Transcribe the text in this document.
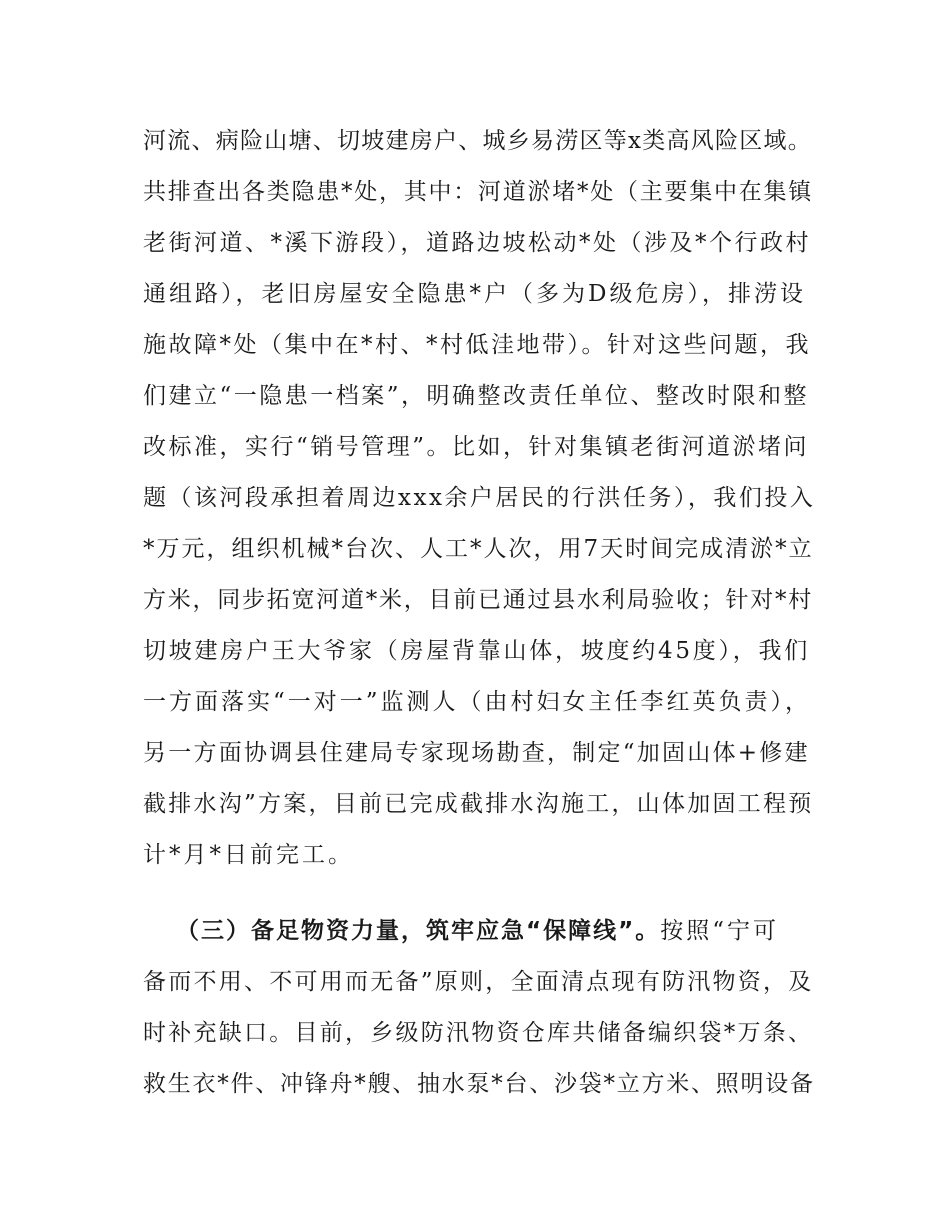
河流、病险山塘、切坡建房户、城乡易涝区等x类高风险区域。
共排查出各类隐患*处，其中：河道淤堵*处（主要集中在集镇
老街河道、*溪下游段），道路边坡松动*处（涉及*个行政村
通组路），老旧房屋安全隐患*户（多为D级危房），排涝设
施故障*处（集中在*村、*村低洼地带）。针对这些问题，我
们建立“一隐患一档案”，明确整改责任单位、整改时限和整
改标准，实行“销号管理”。比如，针对集镇老街河道淤堵问
题（该河段承担着周边xxx余户居民的行洪任务），我们投入
*万元，组织机械*台次、人工*人次，用7天时间完成清淤*立
方米，同步拓宽河道*米，目前已通过县水利局验收；针对*村
切坡建房户王大爷家（房屋背靠山体，坡度约45度），我们
一方面落实“一对一”监测人（由村妇女主任李红英负责），
另一方面协调县住建局专家现场勘查，制定“加固山体+修建
截排水沟”方案，目前已完成截排水沟施工，山体加固工程预
计*月*日前完工。
（三）备足物资力量，筑牢应急“保障线”。按照“宁可
备而不用、不可用而无备”原则，全面清点现有防汛物资，及
时补充缺口。目前，乡级防汛物资仓库共储备编织袋*万条、
救生衣*件、冲锋舟*艘、抽水泵*台、沙袋*立方米、照明设备
